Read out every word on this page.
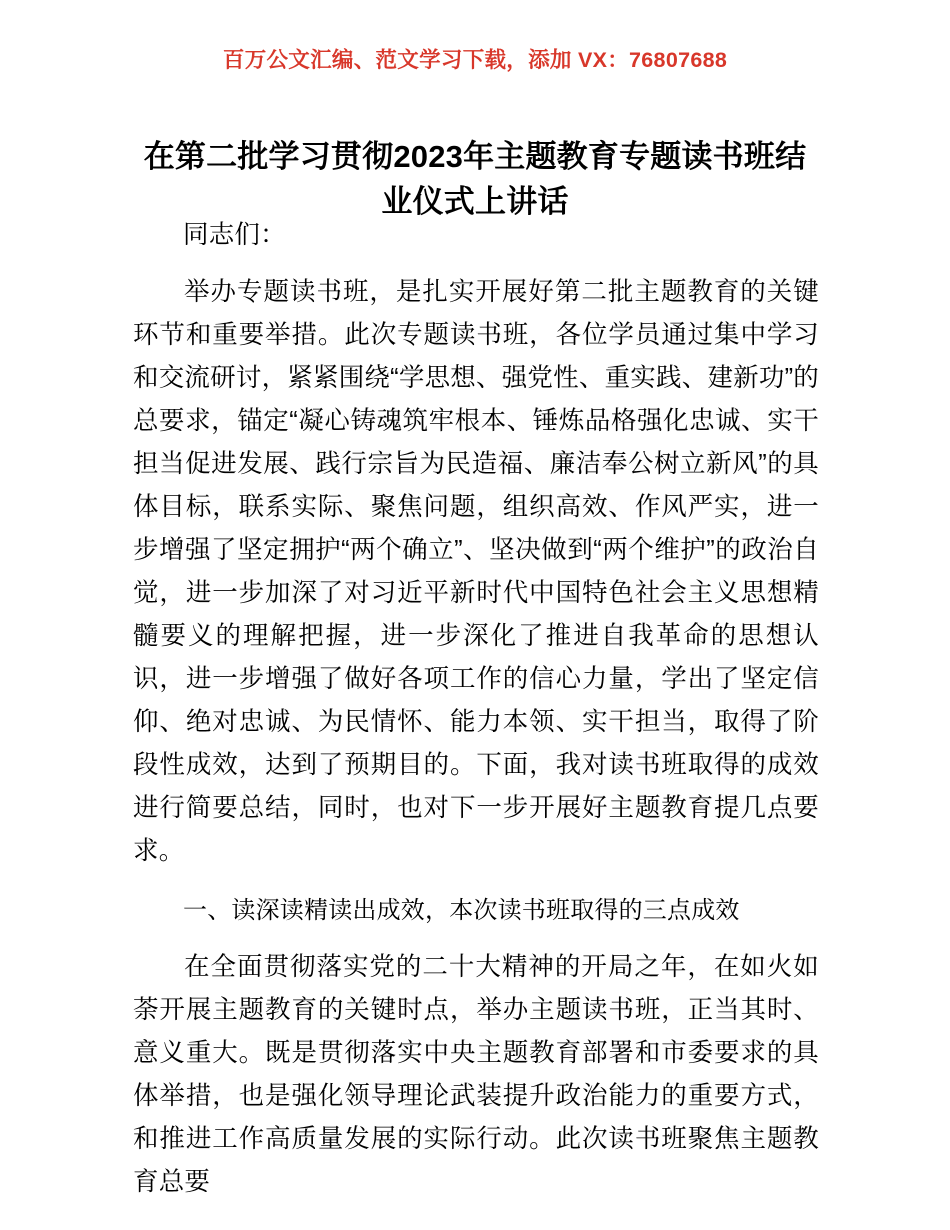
百万公文汇编、范文学习下载，添加 VX：76807688
在第二批学习贯彻2023年主题教育专题读书班结业仪式上讲话

同志们：

举办专题读书班，是扎实开展好第二批主题教育的关键环节和重要举措。此次专题读书班，各位学员通过集中学习和交流研讨，紧紧围绕“学思想、强党性、重实践、建新功”的总要求，锚定“凝心铸魂筑牢根本、锤炼品格强化忠诚、实干担当促进发展、践行宗旨为民造福、廉洁奉公树立新风”的具体目标，联系实际、聚焦问题，组织高效、作风严实，进一步增强了坚定拥护“两个确立”、坚决做到“两个维护”的政治自觉，进一步加深了对习近平新时代中国特色社会主义思想精髓要义的理解把握，进一步深化了推进自我革命的思想认识，进一步增强了做好各项工作的信心力量，学出了坚定信仰、绝对忠诚、为民情怀、能力本领、实干担当，取得了阶段性成效，达到了预期目的。下面，我对读书班取得的成效进行简要总结，同时，也对下一步开展好主题教育提几点要求。

一、读深读精读出成效，本次读书班取得的三点成效

在全面贯彻落实党的二十大精神的开局之年，在如火如荼开展主题教育的关键时点，举办主题读书班，正当其时、意义重大。既是贯彻落实中央主题教育部署和市委要求的具体举措，也是强化领导理论武装提升政治能力的重要方式，和推进工作高质量发展的实际行动。此次读书班聚焦主题教育总要
